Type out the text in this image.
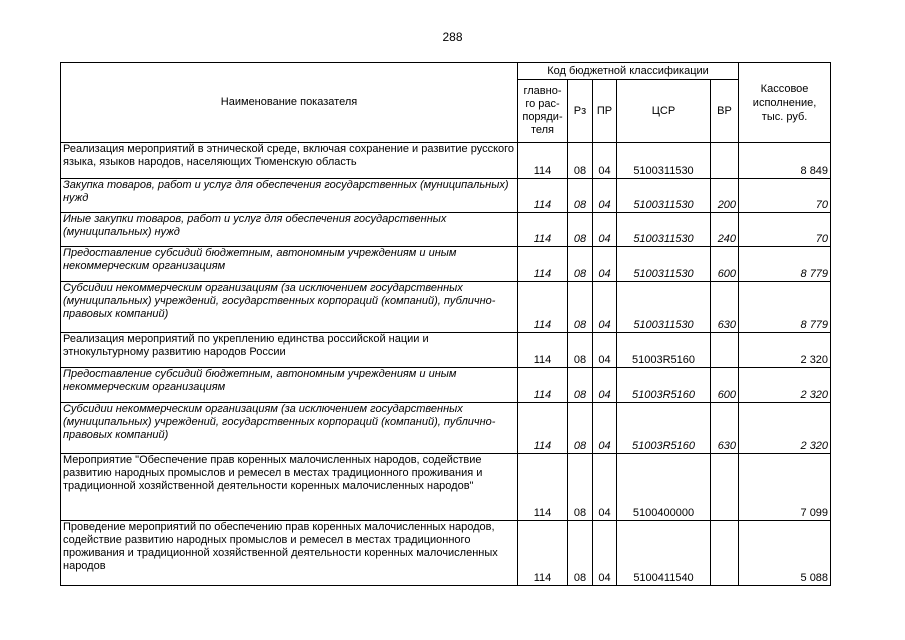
288
Наименование показателя	Код бюджетной классификации					Кассовое
исполнение,
тыс. руб.
	главно-
го рас-
поряди-
теля	Рз	ПР	ЦСР	ВР	
Реализация мероприятий в этнической среде, включая сохранение и развитие русского языка, языков народов, населяющих Тюменскую область	114	08	04	5100311530		8 849
Закупка товаров, работ и услуг для обеспечения государственных (муниципальных) нужд	114	08	04	5100311530	200	70
Иные закупки товаров, работ и услуг для обеспечения государственных (муниципальных) нужд	114	08	04	5100311530	240	70
Предоставление субсидий бюджетным, автономным учреждениям и иным некоммерческим организациям	114	08	04	5100311530	600	8 779
Субсидии некоммерческим организациям (за исключением государственных (муниципальных) учреждений, государственных корпораций (компаний), публично-правовых компаний)	114	08	04	5100311530	630	8 779
Реализация мероприятий по укреплению единства российской нации и этнокультурному развитию народов России	114	08	04	51003R5160		2 320
Предоставление субсидий бюджетным, автономным учреждениям и иным некоммерческим организациям	114	08	04	51003R5160	600	2 320
Субсидии некоммерческим организациям (за исключением государственных (муниципальных) учреждений, государственных корпораций (компаний), публично-правовых компаний)	114	08	04	51003R5160	630	2 320
Мероприятие "Обеспечение прав коренных малочисленных народов, содействие развитию народных промыслов и ремесел в местах традиционного проживания и традиционной хозяйственной деятельности коренных малочисленных народов"	114	08	04	5100400000		7 099
Проведение мероприятий по обеспечению прав коренных малочисленных народов, содействие развитию народных промыслов и ремесел в местах традиционного проживания и традиционной хозяйственной деятельности коренных малочисленных народов	114	08	04	5100411540		5 088
